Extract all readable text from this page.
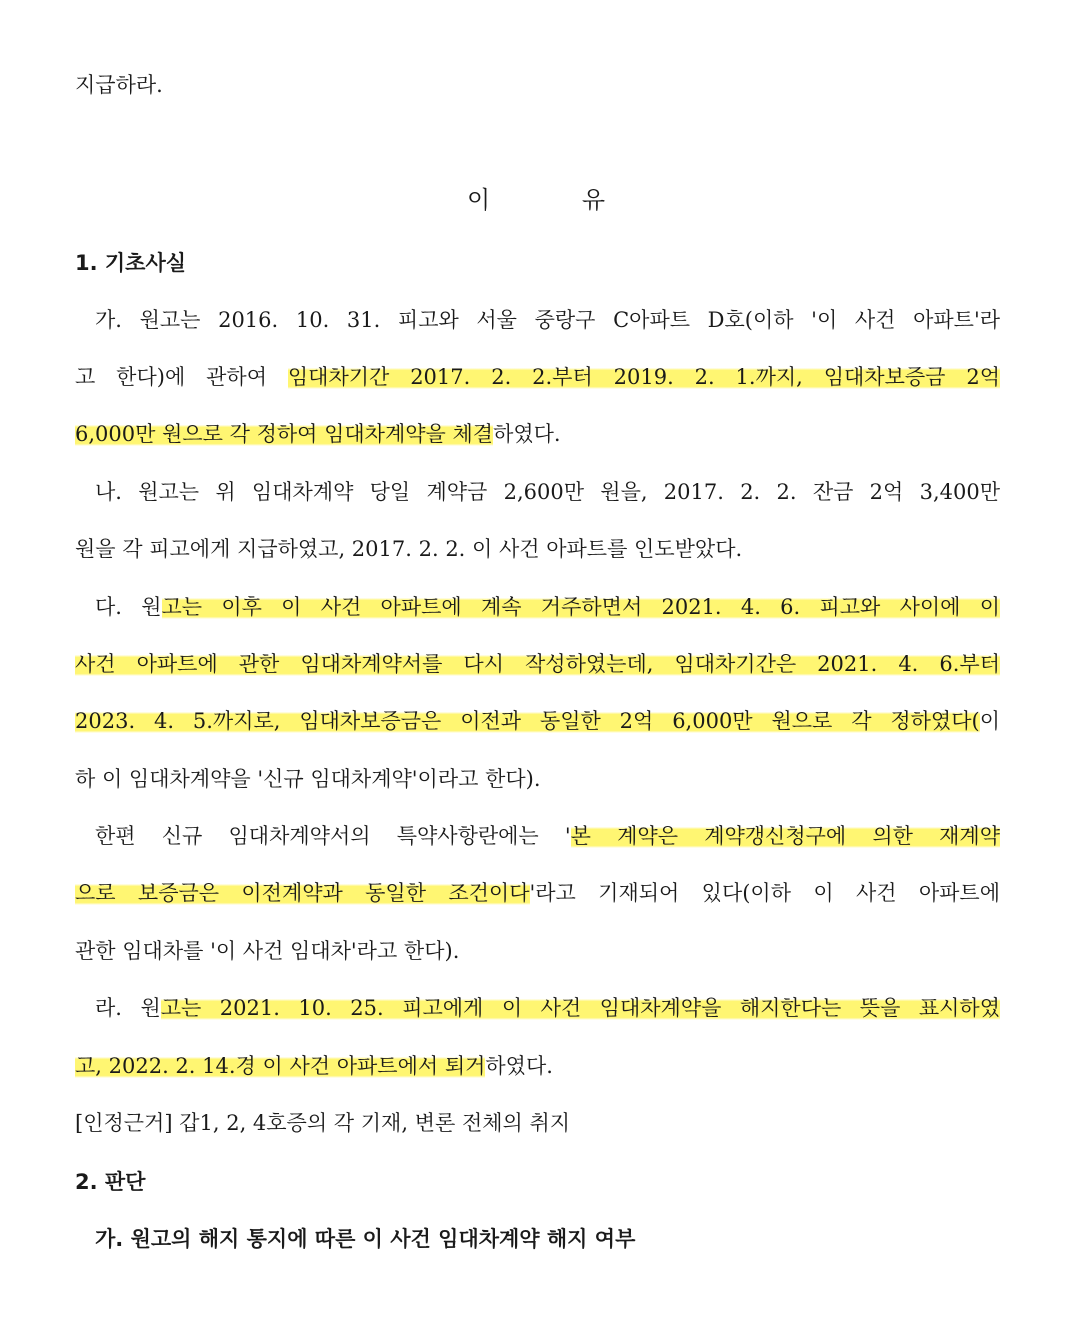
지급하라.
이	유
1. 기초사실
가. 원고는 2016. 10. 31. 피고와 서울 중랑구 C아파트 D호(이하 '이 사건 아파트'라
고 한다)에 관하여 임대차기간 2017. 2. 2.부터 2019. 2. 1.까지, 임대차보증금 2억
6,000만 원으로 각 정하여 임대차계약을 체결하였다.
나. 원고는 위 임대차계약 당일 계약금 2,600만 원을, 2017. 2. 2. 잔금 2억 3,400만
원을 각 피고에게 지급하였고, 2017. 2. 2. 이 사건 아파트를 인도받았다.
다. 원고는 이후 이 사건 아파트에 계속 거주하면서 2021. 4. 6. 피고와 사이에 이
사건 아파트에 관한 임대차계약서를 다시 작성하였는데, 임대차기간은 2021. 4. 6.부터
2023. 4. 5.까지로, 임대차보증금은 이전과 동일한 2억 6,000만 원으로 각 정하였다(이
하 이 임대차계약을 '신규 임대차계약'이라고 한다).
한편 신규 임대차계약서의 특약사항란에는 '본 계약은 계약갱신청구에 의한 재계약
으로 보증금은 이전계약과 동일한 조건이다'라고 기재되어 있다(이하 이 사건 아파트에
관한 임대차를 '이 사건 임대차'라고 한다).
라. 원고는 2021. 10. 25. 피고에게 이 사건 임대차계약을 해지한다는 뜻을 표시하였
고, 2022. 2. 14.경 이 사건 아파트에서 퇴거하였다.
[인정근거] 갑1, 2, 4호증의 각 기재, 변론 전체의 취지
2. 판단
가. 원고의 해지 통지에 따른 이 사건 임대차계약 해지 여부
